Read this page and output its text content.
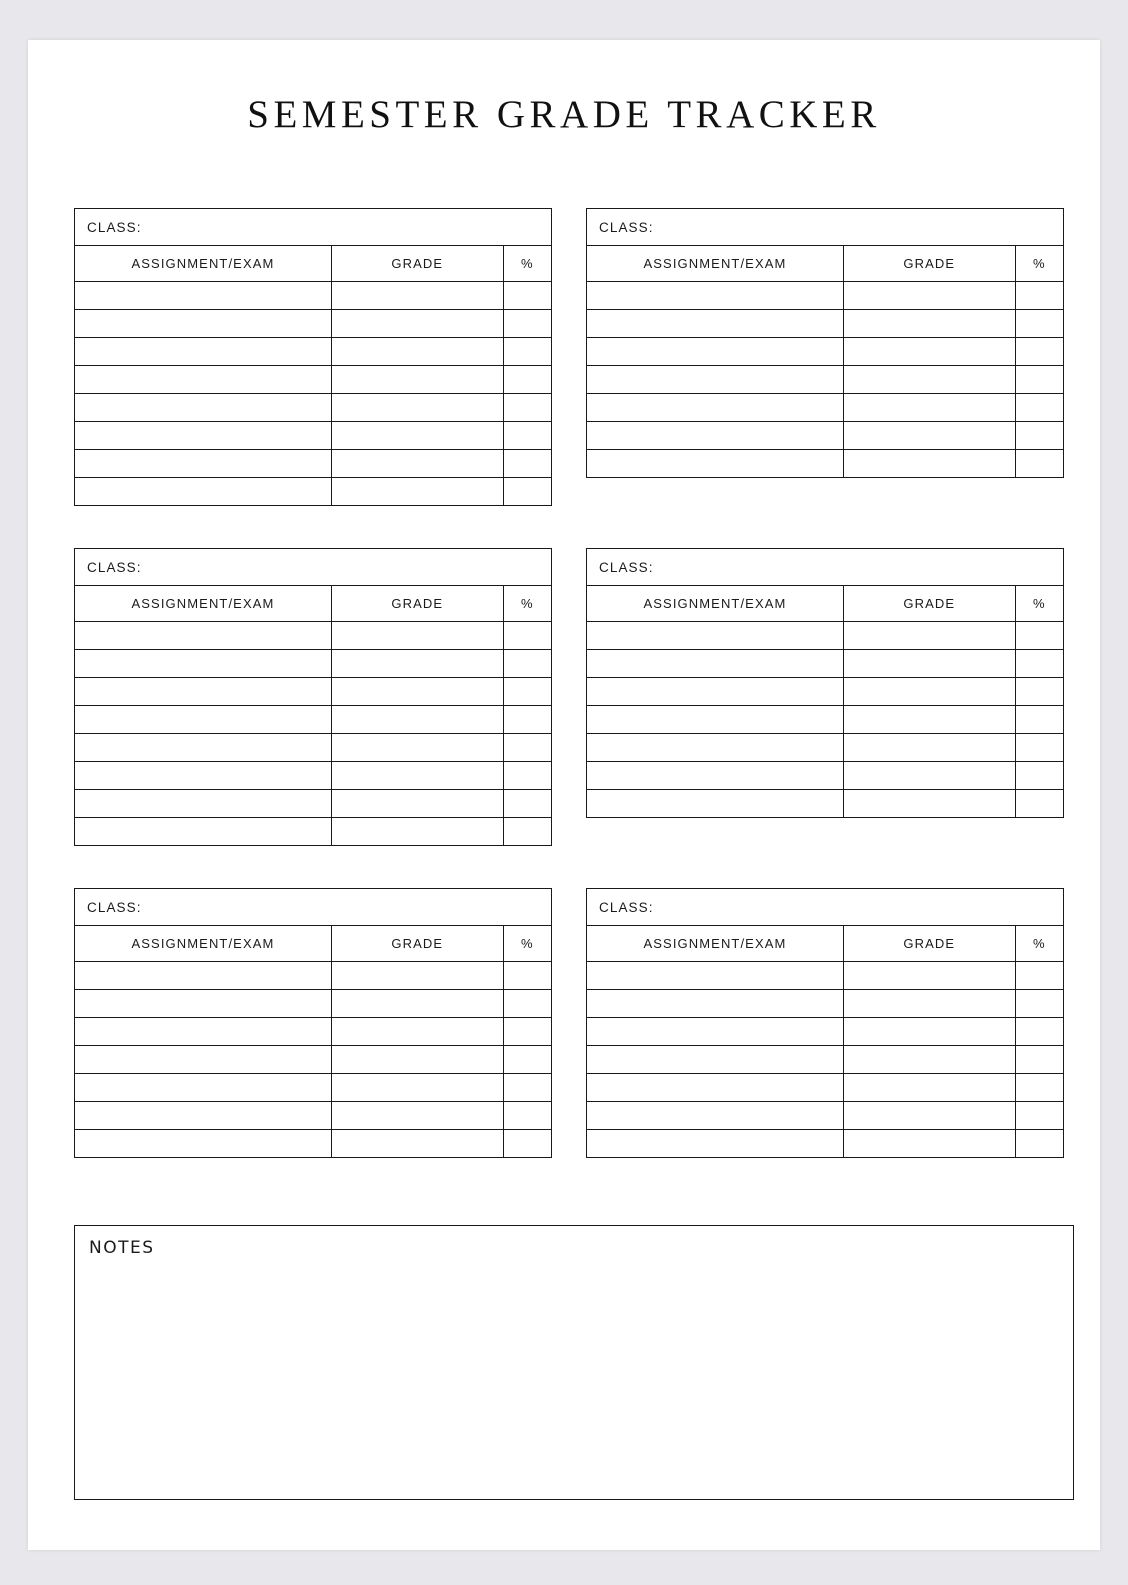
SEMESTER GRADE TRACKER
CLASS:
ASSIGNMENT/EXAM	GRADE	%

CLASS:
ASSIGNMENT/EXAM	GRADE	%

CLASS:
ASSIGNMENT/EXAM	GRADE	%

CLASS:
ASSIGNMENT/EXAM	GRADE	%

CLASS:
ASSIGNMENT/EXAM	GRADE	%

CLASS:
ASSIGNMENT/EXAM	GRADE	%

NOTES
